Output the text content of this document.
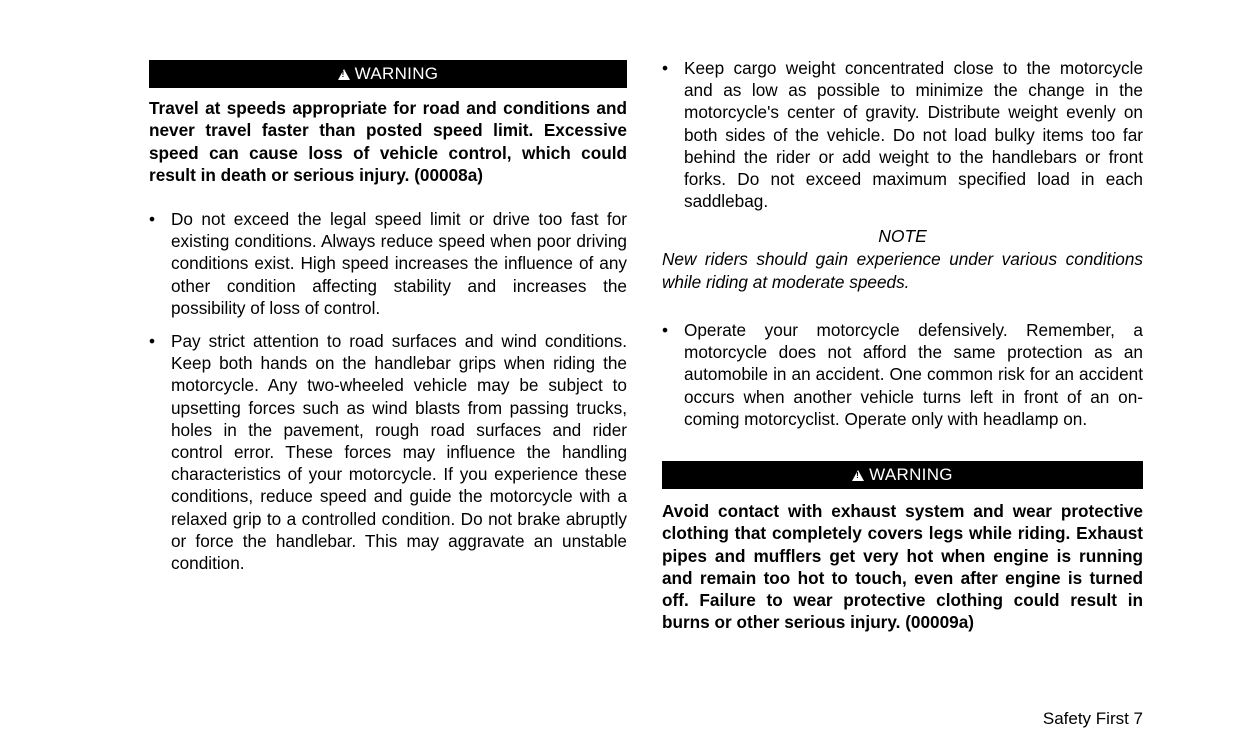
!WARNING

Travel at speeds appropriate for road and conditions and never travel faster than posted speed limit. Excessive speed can cause loss of vehicle control, which could result in death or serious injury. (00008a)

• Do not exceed the legal speed limit or drive too fast for existing conditions. Always reduce speed when poor driving conditions exist. High speed increases the influence of any other condition affecting stability and increases the possibility of loss of control.
• Pay strict attention to road surfaces and wind conditions. Keep both hands on the handlebar grips when riding the motorcycle. Any two-wheeled vehicle may be subject to upsetting forces such as wind blasts from passing trucks, holes in the pavement, rough road surfaces and rider control error. These forces may influence the handling characteristics of your motorcycle. If you experience these conditions, reduce speed and guide the motorcycle with a relaxed grip to a controlled condition. Do not brake abruptly or force the handlebar. This may aggravate an unstable condition.
• Keep cargo weight concentrated close to the motorcycle and as low as possible to minimize the change in the motorcycle's center of gravity. Distribute weight evenly on both sides of the vehicle. Do not load bulky items too far behind the rider or add weight to the handlebars or front forks. Do not exceed maximum specified load in each saddlebag.

NOTE

New riders should gain experience under various conditions while riding at moderate speeds.

• Operate your motorcycle defensively. Remember, a motorcycle does not afford the same protection as an automobile in an accident. One common risk for an accident occurs when another vehicle turns left in front of an on-coming motorcyclist. Operate only with headlamp on.
!WARNING

Avoid contact with exhaust system and wear protective clothing that completely covers legs while riding. Exhaust pipes and mufflers get very hot when engine is running and remain too hot to touch, even after engine is turned off. Failure to wear protective clothing could result in burns or other serious injury. (00009a)

Safety First 7
